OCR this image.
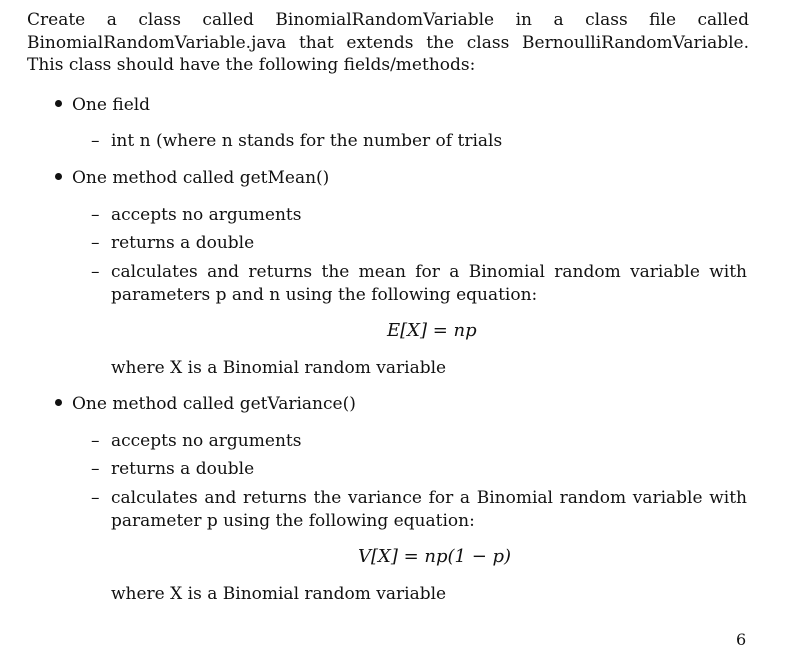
Create a class called BinomialRandomVariable in a class file called BinomialRandomVariable.java that extends the class BernoulliRandomVariable. This class should have the following fields/methods:
One field
– int n (where n stands for the number of trials
One method called getMean()
– accepts no arguments
– returns a double
– calculates and returns the mean for a Binomial random variable with parameters p and n using the following equation:
E[X] = np
where X is a Binomial random variable
One method called getVariance()
– accepts no arguments
– returns a double
– calculates and returns the variance for a Binomial random variable with parameter p using the following equation:
V[X] = np(1 − p)
where X is a Binomial random variable
6
